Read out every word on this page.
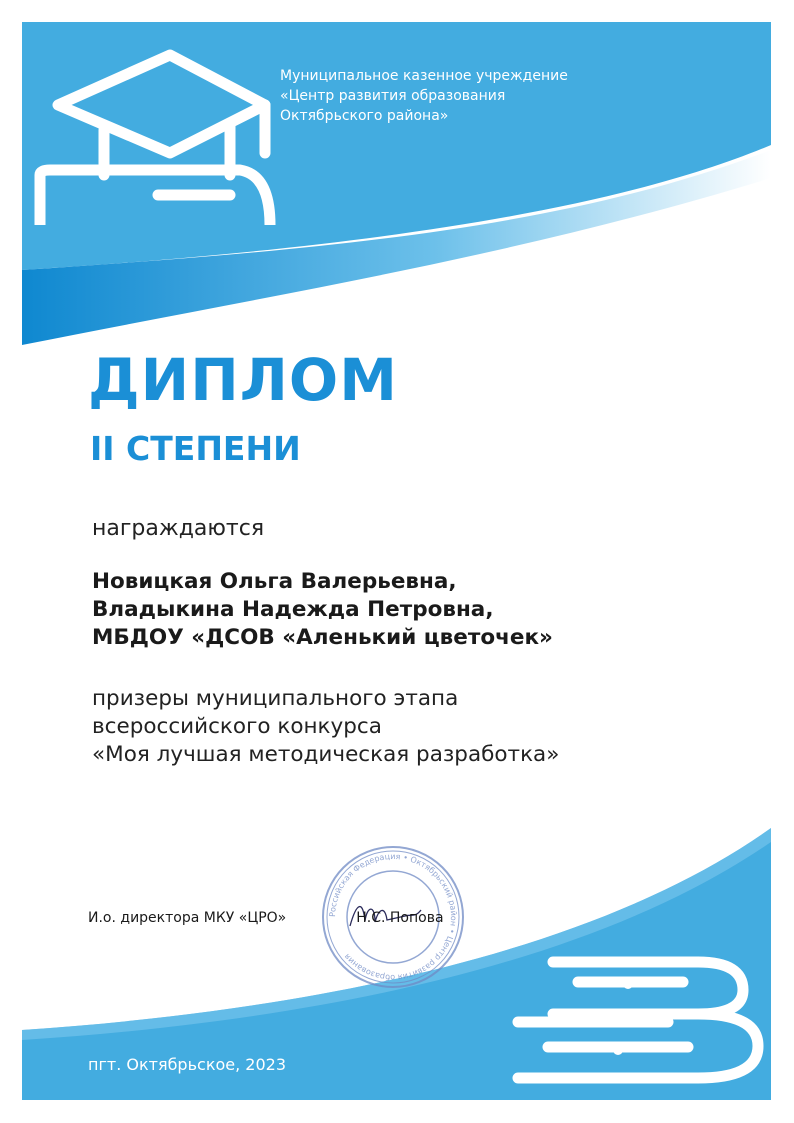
Муниципальное казенное учреждение
«Центр развития образования
Октябрьского района»
ДИПЛОМ
II СТЕПЕНИ
награждаются
Новицкая Ольга Валерьевна,
Владыкина Надежда Петровна,
МБДОУ «ДСОВ «Аленький цветочек»
призеры муниципального этапа
всероссийского конкурса
«Моя лучшая методическая разработка»
Российская Федерация • Октябрьский район • Центр развития образования
И.о. директора МКУ «ЦРО»	Н.С. Попова
пгт. Октябрьское, 2023
